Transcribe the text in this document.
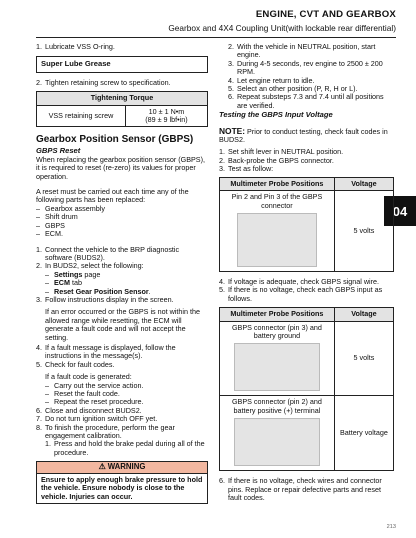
ENGINE, CVT AND GEARBOX
Gearbox and 4X4 Coupling Unit(with lockable rear differential)
04

1. Lubricate VSS O-ring.

Super Lube Grease

2. Tighten retaining screw to specification.

Tightening Torque
VSS retaining screw	10 ± 1 N•m
(89 ± 9 lbf•in)
Gearbox Position Sensor (GBPS)
GBPS Reset

When replacing the gearbox position sensor (GBPS), it is required to reset (re-zero) its values for proper operation.

A reset must be carried out each time any of the following parts has been replaced:

– Gearbox assembly

– Shift drum

– GBPS

– ECM.

1. Connect the vehicle to the BRP diagnostic software (BUDS2).

2. In BUDS2, select the following:

– Settings page

– ECM tab

– Reset Gear Position Sensor.

3. Follow instructions display in the screen.

If an error occurred or the GBPS is not within the allowed range while resetting, the ECM will generate a fault code and will not accept the setting.

4. If a fault message is displayed, follow the instructions in the message(s).

5. Check for fault codes.

If a fault code is generated:

– Carry out the service action.

– Reset the fault code.

– Repeat the reset procedure.

6. Close and disconnect BUDS2.

7. Do not turn ignition switch OFF yet.

8. To finish the procedure, perform the gear engagement calibration.

1. Press and hold the brake pedal during all of the procedure.

⚠ WARNING
Ensure to apply enough brake pressure to hold the vehicle. Ensure nobody is close to the vehicle. Injuries can occur.

2. With the vehicle in NEUTRAL position, start engine.

3. During 4-5 seconds, rev engine to 2500 ± 200 RPM.

4. Let engine return to idle.

5. Select an other position (P, R, H or L).

6. Repeat substeps 7.3 and 7.4 until all positions are verified.

Testing the GBPS Input Voltage

NOTE: Prior to conduct testing, check fault codes in BUDS2.

1. Set shift lever in NEUTRAL position.

2. Back-probe the GBPS connector.

3. Test as follow:

Multimeter Probe Positions	Voltage

Pin 2 and Pin 3 of the GBPS connector	5 volts

4. If voltage is adequate, check GBPS signal wire.

5. If there is no voltage, check each GBPS input as follows.

Multimeter Probe Positions	Voltage

GBPS connector (pin 3) and battery ground	5 volts

GBPS connector (pin 2) and battery positive (+) terminal	Battery voltage

6. If there is no voltage, check wires and connector pins. Replace or repair defective parts and reset fault codes.

213
